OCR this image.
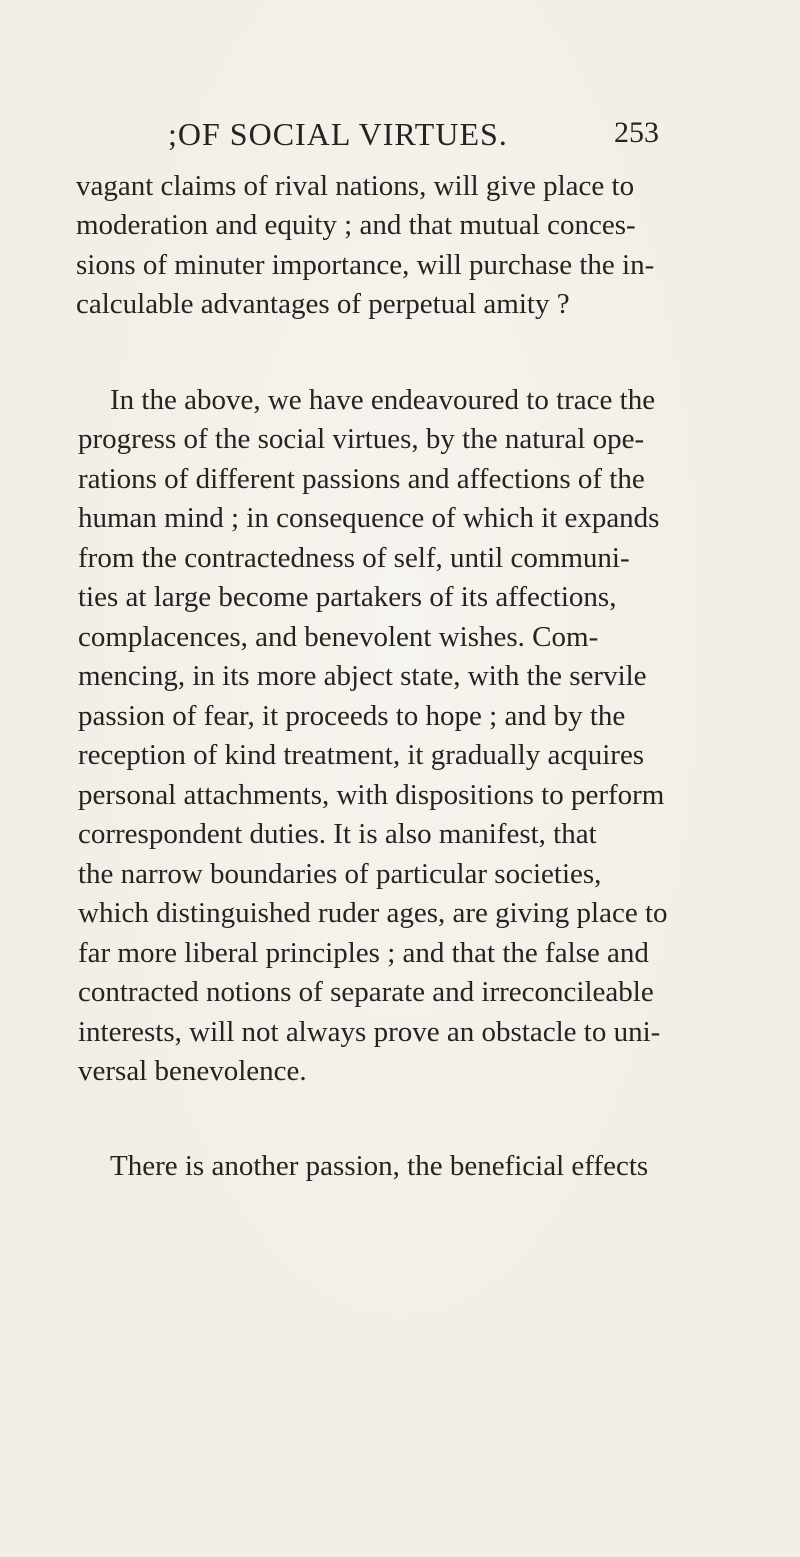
;OF SOCIAL VIRTUES.	253
vagant claims of rival nations, will give place to
moderation and equity ; and that mutual conces-
sions of minuter importance, will purchase the in-
calculable advantages of perpetual amity ?
In the above, we have endeavoured to trace the
progress of the social virtues, by the natural ope-
rations of different passions and affections of the
human mind ; in consequence of which it expands
from the contractedness of self, until communi-
ties at large become partakers of its affections,
complacences, and benevolent wishes. Com-
mencing, in its more abject state, with the servile
passion of fear, it proceeds to hope ; and by the
reception of kind treatment, it gradually acquires
personal attachments, with dispositions to perform
correspondent duties. It is also manifest, that
the narrow boundaries of particular societies,
which distinguished ruder ages, are giving place to
far more liberal principles ; and that the false and
contracted notions of separate and irreconcileable
interests, will not always prove an obstacle to uni-
versal benevolence.
There is another passion, the beneficial effects
